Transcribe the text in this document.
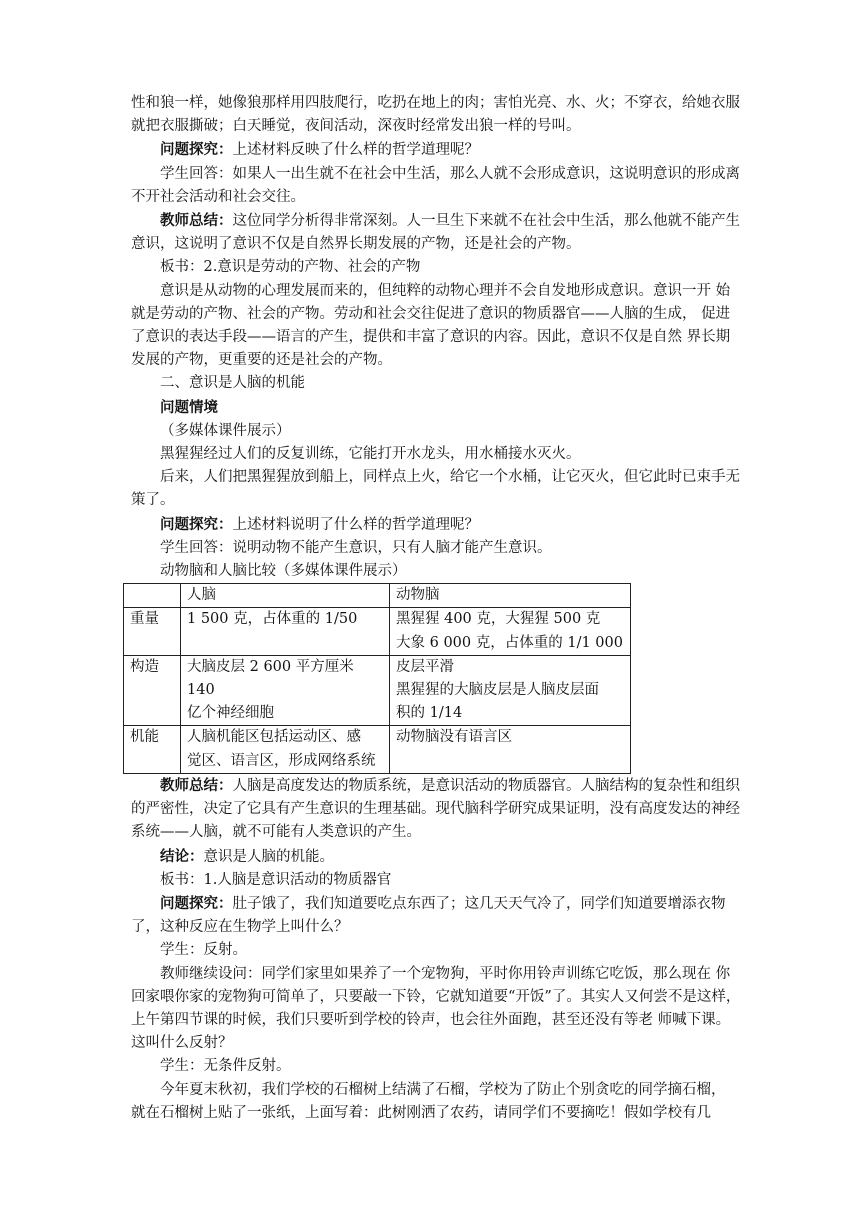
性和狼一样，她像狼那样用四肢爬行，吃扔在地上的肉；害怕光亮、水、火；不穿衣，给她衣服就把衣服撕破；白天睡觉，夜间活动，深夜时经常发出狼一样的号叫。

问题探究：上述材料反映了什么样的哲学道理呢？

学生回答：如果人一出生就不在社会中生活，那么人就不会形成意识，这说明意识的形成离不开社会活动和社会交往。

教师总结：这位同学分析得非常深刻。人一旦生下来就不在社会中生活，那么他就不能产生意识，这说明了意识不仅是自然界长期发展的产物，还是社会的产物。

板书：2.意识是劳动的产物、社会的产物

意识是从动物的心理发展而来的，但纯粹的动物心理并不会自发地形成意识。意识一开 始就是劳动的产物、社会的产物。劳动和社会交往促进了意识的物质器官——人脑的生成， 促进了意识的表达手段——语言的产生，提供和丰富了意识的内容。因此，意识不仅是自然 界长期发展的产物，更重要的还是社会的产物。

二、意识是人脑的机能

问题情境

（多媒体课件展示）

黑猩猩经过人们的反复训练，它能打开水龙头，用水桶接水灭火。

后来，人们把黑猩猩放到船上，同样点上火，给它一个水桶，让它灭火，但它此时已束手无策了。

问题探究：上述材料说明了什么样的哲学道理呢？

学生回答：说明动物不能产生意识，只有人脑才能产生意识。

动物脑和人脑比较（多媒体课件展示）

	人脑	动物脑
重量	1 500 克，占体重的 1/50	黑猩猩 400 克，大猩猩 500 克
大象 6 000 克，占体重的 1/1 000

构造	大脑皮层 2 600 平方厘米 140
亿个神经细胞	皮层平滑
黑猩猩的大脑皮层是人脑皮层面
积的 1/14

机能	人脑机能区包括运动区、感
觉区、语言区，形成网络系统	动物脑没有语言区

教师总结：人脑是高度发达的物质系统，是意识活动的物质器官。人脑结构的复杂性和组织的严密性，决定了它具有产生意识的生理基础。现代脑科学研究成果证明，没有高度发达的神经系统——人脑，就不可能有人类意识的产生。

结论：意识是人脑的机能。

板书：1.人脑是意识活动的物质器官

问题探究：肚子饿了，我们知道要吃点东西了；这几天天气冷了，同学们知道要增添衣物了，这种反应在生物学上叫什么？

学生：反射。

教师继续设问：同学们家里如果养了一个宠物狗，平时你用铃声训练它吃饭，那么现在 你回家喂你家的宠物狗可简单了，只要敲一下铃，它就知道要“开饭”了。其实人又何尝不是这样，上午第四节课的时候，我们只要听到学校的铃声，也会往外面跑，甚至还没有等老 师喊下课。这叫什么反射？

学生：无条件反射。

今年夏末秋初，我们学校的石榴树上结满了石榴，学校为了防止个别贪吃的同学摘石榴， 就在石榴树上贴了一张纸，上面写着：此树刚洒了农药，请同学们不要摘吃！假如学校有几
